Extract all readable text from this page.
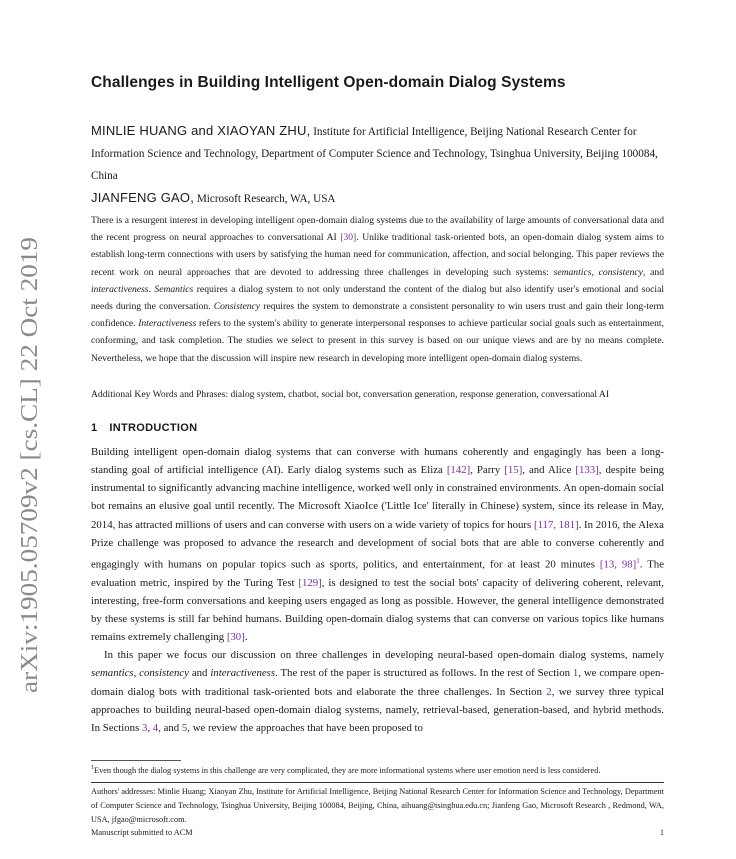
arXiv:1905.05709v2 [cs.CL] 22 Oct 2019
Challenges in Building Intelligent Open-domain Dialog Systems
MINLIE HUANG and XIAOYAN ZHU, Institute for Artificial Intelligence, Beijing National Research Center for Information Science and Technology, Department of Computer Science and Technology, Tsinghua University, Beijing 100084, China
JIANFENG GAO, Microsoft Research, WA, USA
There is a resurgent interest in developing intelligent open-domain dialog systems due to the availability of large amounts of conversational data and the recent progress on neural approaches to conversational AI [30]. Unlike traditional task-oriented bots, an open-domain dialog system aims to establish long-term connections with users by satisfying the human need for communication, affection, and social belonging. This paper reviews the recent work on neural approaches that are devoted to addressing three challenges in developing such systems: semantics, consistency, and interactiveness. Semantics requires a dialog system to not only understand the content of the dialog but also identify user's emotional and social needs during the conversation. Consistency requires the system to demonstrate a consistent personality to win users trust and gain their long-term confidence. Interactiveness refers to the system's ability to generate interpersonal responses to achieve particular social goals such as entertainment, conforming, and task completion. The studies we select to present in this survey is based on our unique views and are by no means complete. Nevertheless, we hope that the discussion will inspire new research in developing more intelligent open-domain dialog systems.
Additional Key Words and Phrases: dialog system, chatbot, social bot, conversation generation, response generation, conversational AI
1 INTRODUCTION

Building intelligent open-domain dialog systems that can converse with humans coherently and engagingly has been a long-standing goal of artificial intelligence (AI). Early dialog systems such as Eliza [142], Parry [15], and Alice [133], despite being instrumental to significantly advancing machine intelligence, worked well only in constrained environments. An open-domain social bot remains an elusive goal until recently. The Microsoft XiaoIce ('Little Ice' literally in Chinese) system, since its release in May, 2014, has attracted millions of users and can converse with users on a wide variety of topics for hours [117, 181]. In 2016, the Alexa Prize challenge was proposed to advance the research and development of social bots that are able to converse coherently and engagingly with humans on popular topics such as sports, politics, and entertainment, for at least 20 minutes [13, 98]$^1$. The evaluation metric, inspired by the Turing Test [129], is designed to test the social bots' capacity of delivering coherent, relevant, interesting, free-form conversations and keeping users engaged as long as possible. However, the general intelligence demonstrated by these systems is still far behind humans. Building open-domain dialog systems that can converse on various topics like humans remains extremely challenging [30].

In this paper we focus our discussion on three challenges in developing neural-based open-domain dialog systems, namely semantics, consistency and interactiveness. The rest of the paper is structured as follows. In the rest of Section 1, we compare open-domain dialog bots with traditional task-oriented bots and elaborate the three challenges. In Section 2, we survey three typical approaches to building neural-based open-domain dialog systems, namely, retrieval-based, generation-based, and hybrid methods. In Sections 3, 4, and 5, we review the approaches that have been proposed to

$^1$Even though the dialog systems in this challenge are very complicated, they are more informational systems where user emotion need is less considered.
Authors' addresses: Minlie Huang; Xiaoyan Zhu, Institute for Artificial Intelligence, Beijing National Research Center for Information Science and Technology, Department of Computer Science and Technology, Tsinghua University, Beijing 100084, Beijing, China, aihuang@tsinghua.edu.cn; Jianfeng Gao, Microsoft Research , Redmond, WA, USA, jfgao@microsoft.com.
Manuscript submitted to ACM	1
